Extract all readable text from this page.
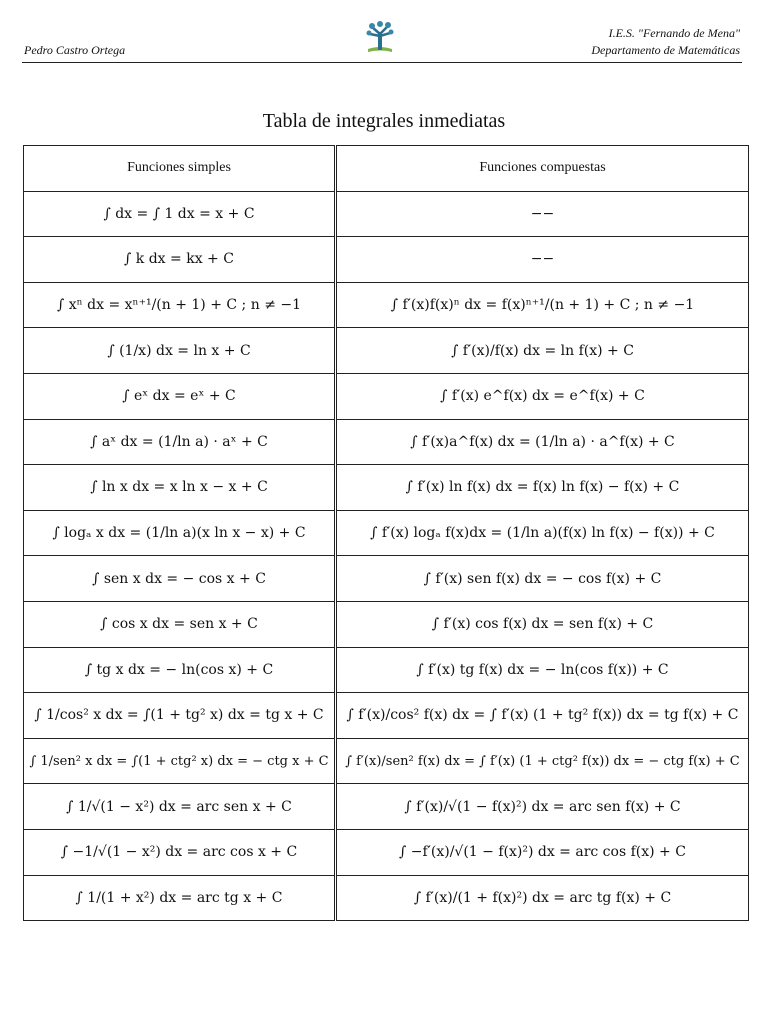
Pedro Castro Ortega
I.E.S. "Fernando de Mena"
Departamento de Matemáticas
Tabla de integrales inmediatas
Funciones simples	Funciones compuestas
∫ dx = ∫ 1 dx = x + C	−−
∫ k dx = kx + C	−−
∫ xⁿ dx = xⁿ⁺¹/(n + 1) + C ; n ≠ −1	∫ f′(x)f(x)ⁿ dx = f(x)ⁿ⁺¹/(n + 1) + C ; n ≠ −1
∫ (1/x) dx = ln x + C	∫ f′(x)/f(x) dx = ln f(x) + C
∫ eˣ dx = eˣ + C	∫ f′(x) e^f(x) dx = e^f(x) + C
∫ aˣ dx = (1/ln a) · aˣ + C	∫ f′(x)a^f(x) dx = (1/ln a) · a^f(x) + C
∫ ln x dx = x ln x − x + C	∫ f′(x) ln f(x) dx = f(x) ln f(x) − f(x) + C
∫ logₐ x dx = (1/ln a)(x ln x − x) + C	∫ f′(x) logₐ f(x)dx = (1/ln a)(f(x) ln f(x) − f(x)) + C
∫ sen x dx = − cos x + C	∫ f′(x) sen f(x) dx = − cos f(x) + C
∫ cos x dx = sen x + C	∫ f′(x) cos f(x) dx = sen f(x) + C
∫ tg x dx = − ln(cos x) + C	∫ f′(x) tg f(x) dx = − ln(cos f(x)) + C
∫ 1/cos² x dx = ∫(1 + tg² x) dx = tg x + C	∫ f′(x)/cos² f(x) dx = ∫ f′(x) (1 + tg² f(x)) dx = tg f(x) + C
∫ 1/sen² x dx = ∫(1 + ctg² x) dx = − ctg x + C	∫ f′(x)/sen² f(x) dx = ∫ f′(x) (1 + ctg² f(x)) dx = − ctg f(x) + C
∫ 1/√(1 − x²) dx = arc sen x + C	∫ f′(x)/√(1 − f(x)²) dx = arc sen f(x) + C
∫ −1/√(1 − x²) dx = arc cos x + C	∫ −f′(x)/√(1 − f(x)²) dx = arc cos f(x) + C
∫ 1/(1 + x²) dx = arc tg x + C	∫ f′(x)/(1 + f(x)²) dx = arc tg f(x) + C
